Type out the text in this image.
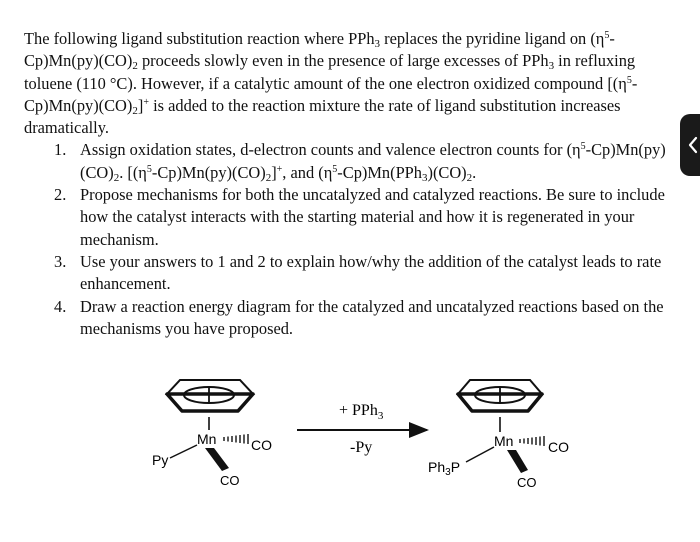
The following ligand substitution reaction where PPh$_3$ replaces the pyridine ligand on $(\eta^5-Cp)Mn(py)(CO)_2$ proceeds slowly even in the presence of large excesses of PPh$_3$ in refluxing toluene (110 °C). However, if a catalytic amount of the one electron oxidized compound $[(\eta^5-Cp)Mn(py)(CO)_2]^+$ is added to the reaction mixture the rate of ligand substitution increases dramatically.

1. Assign oxidation states, d-electron counts and valence electron counts for $(\eta^5-Cp)Mn(py)(CO)_2$. $[(\eta^5-Cp)Mn(py)(CO)_2]^+$, and $(\eta^5-Cp)Mn(PPh_3)(CO)_2$.
2. Propose mechanisms for both the uncatalyzed and catalyzed reactions. Be sure to include how the catalyst interacts with the starting material and how it is regenerated in your mechanism.
3. Use your answers to 1 and 2 to explain how/why the addition of the catalyst leads to rate enhancement.
4. Draw a reaction energy diagram for the catalyzed and uncatalyzed reactions based on the mechanisms you have proposed.
Mn CO
CO
Py
+ PPh$_3$
-Py	Mn CO
CO
$Ph_3P$
